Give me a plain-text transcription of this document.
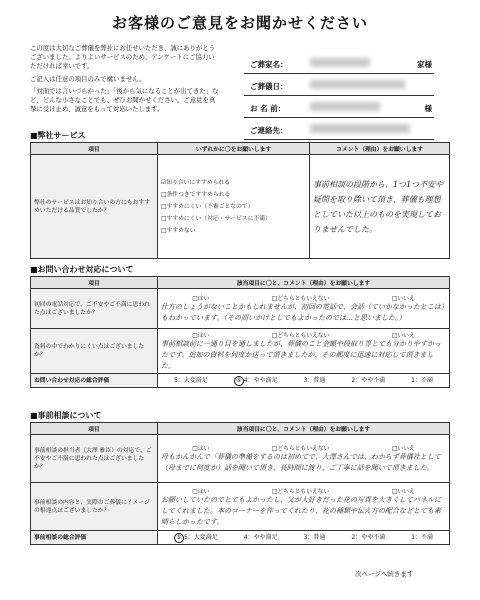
お客様のご意見をお聞かせください

この度は大切なご葬儀を弊社にお任せいただき、誠にありがとうございました。よりよいサービスのため、アンケートにご協力いただければ幸いです。

ご記入は任意の項目のみで構いません。

「対面では言いづらかった」「後から気になることが出てきた」など、どんな小さなことでも、ぜひお聞かせください。ご意見を真摯に受け止め、誠意をもって対応いたします。

ご葬家名：	家様
ご葬儀日：
お 名 前：	様
ご連絡先：
■弊社サービス
項目	いずれかに〇をお願いします	コメント（理由）をお願いします
弊社のサービスはお知り合いの方にもおすすめいただける品質でしたか？	☑知り合いにすすめられる
□条件つきですすめられる
□すすめにくい（不審ごとなので）
□すすめにくい（対応・サービスに不満）
□すすめない	事前相談の段階から、1つ1つ不安や疑問を取り除いて頂き、葬儀も理想としていた以上のものを実現しておりませんでした。
■お問い合わせ対応について
項目	該当項目に〇と、コメント（理由）をお願いします
初回の電話対応で、ご不安やご不満に思われた点はございましたか？	□はい □どちらともいえない □いいえ
仕方のしょうがないことかもしれませんが、初回の電話で、会話（ていかなかったとこは）もわかっています。（その問いかけとしてもよかったのでは…と思いました。）

資料の中でわかりにくい点はございましたか？	□はい □どちらともいえない □いいえ
事前相談前に一通り目を通しましたが、葬儀のこと金額や段取り等とても分かりやすかったです。追加の資料を何度か送って頂きましたが、その都度に迅速に対応して頂きました。

お問い合わせ対応の総合評価	5：大変満足 ④ 4：やや満足 3：普通 2：やや不満 1：不満
■事前相談について
項目	該当項目に〇と、コメント（理由）をお願いします
事前相談の担当者（大澤 雅臣）の対応で、ご不安やご不満に思われた点はございましたか？	□はい □どちらともいえない □いいえ
母もかんかんで「葬儀の準備をするのは初めてで、大澤さんでは、わからず葬儀社として（母までに何度か）話を聞いて頂き、長時間に渡り、ご丁寧に話を聞いて頂きました。

事前相談の内容と、実際のご葬儀にイメージの相違点はございましたか？	□はい □どちらともいえない □いいえ
お願いしていたのでとてもよかったし、父が大好きだった花の写真を大きくしてパネルにしてくれました。本のコーナーを作ってくれたり、花の種類や伝え方の配合などとても素晴らしかったです。

事前相談の総合評価	⑤ 5：大変満足 4：やや満足 3：普通 2：やや不満 1：不満
次ページへ続きます
